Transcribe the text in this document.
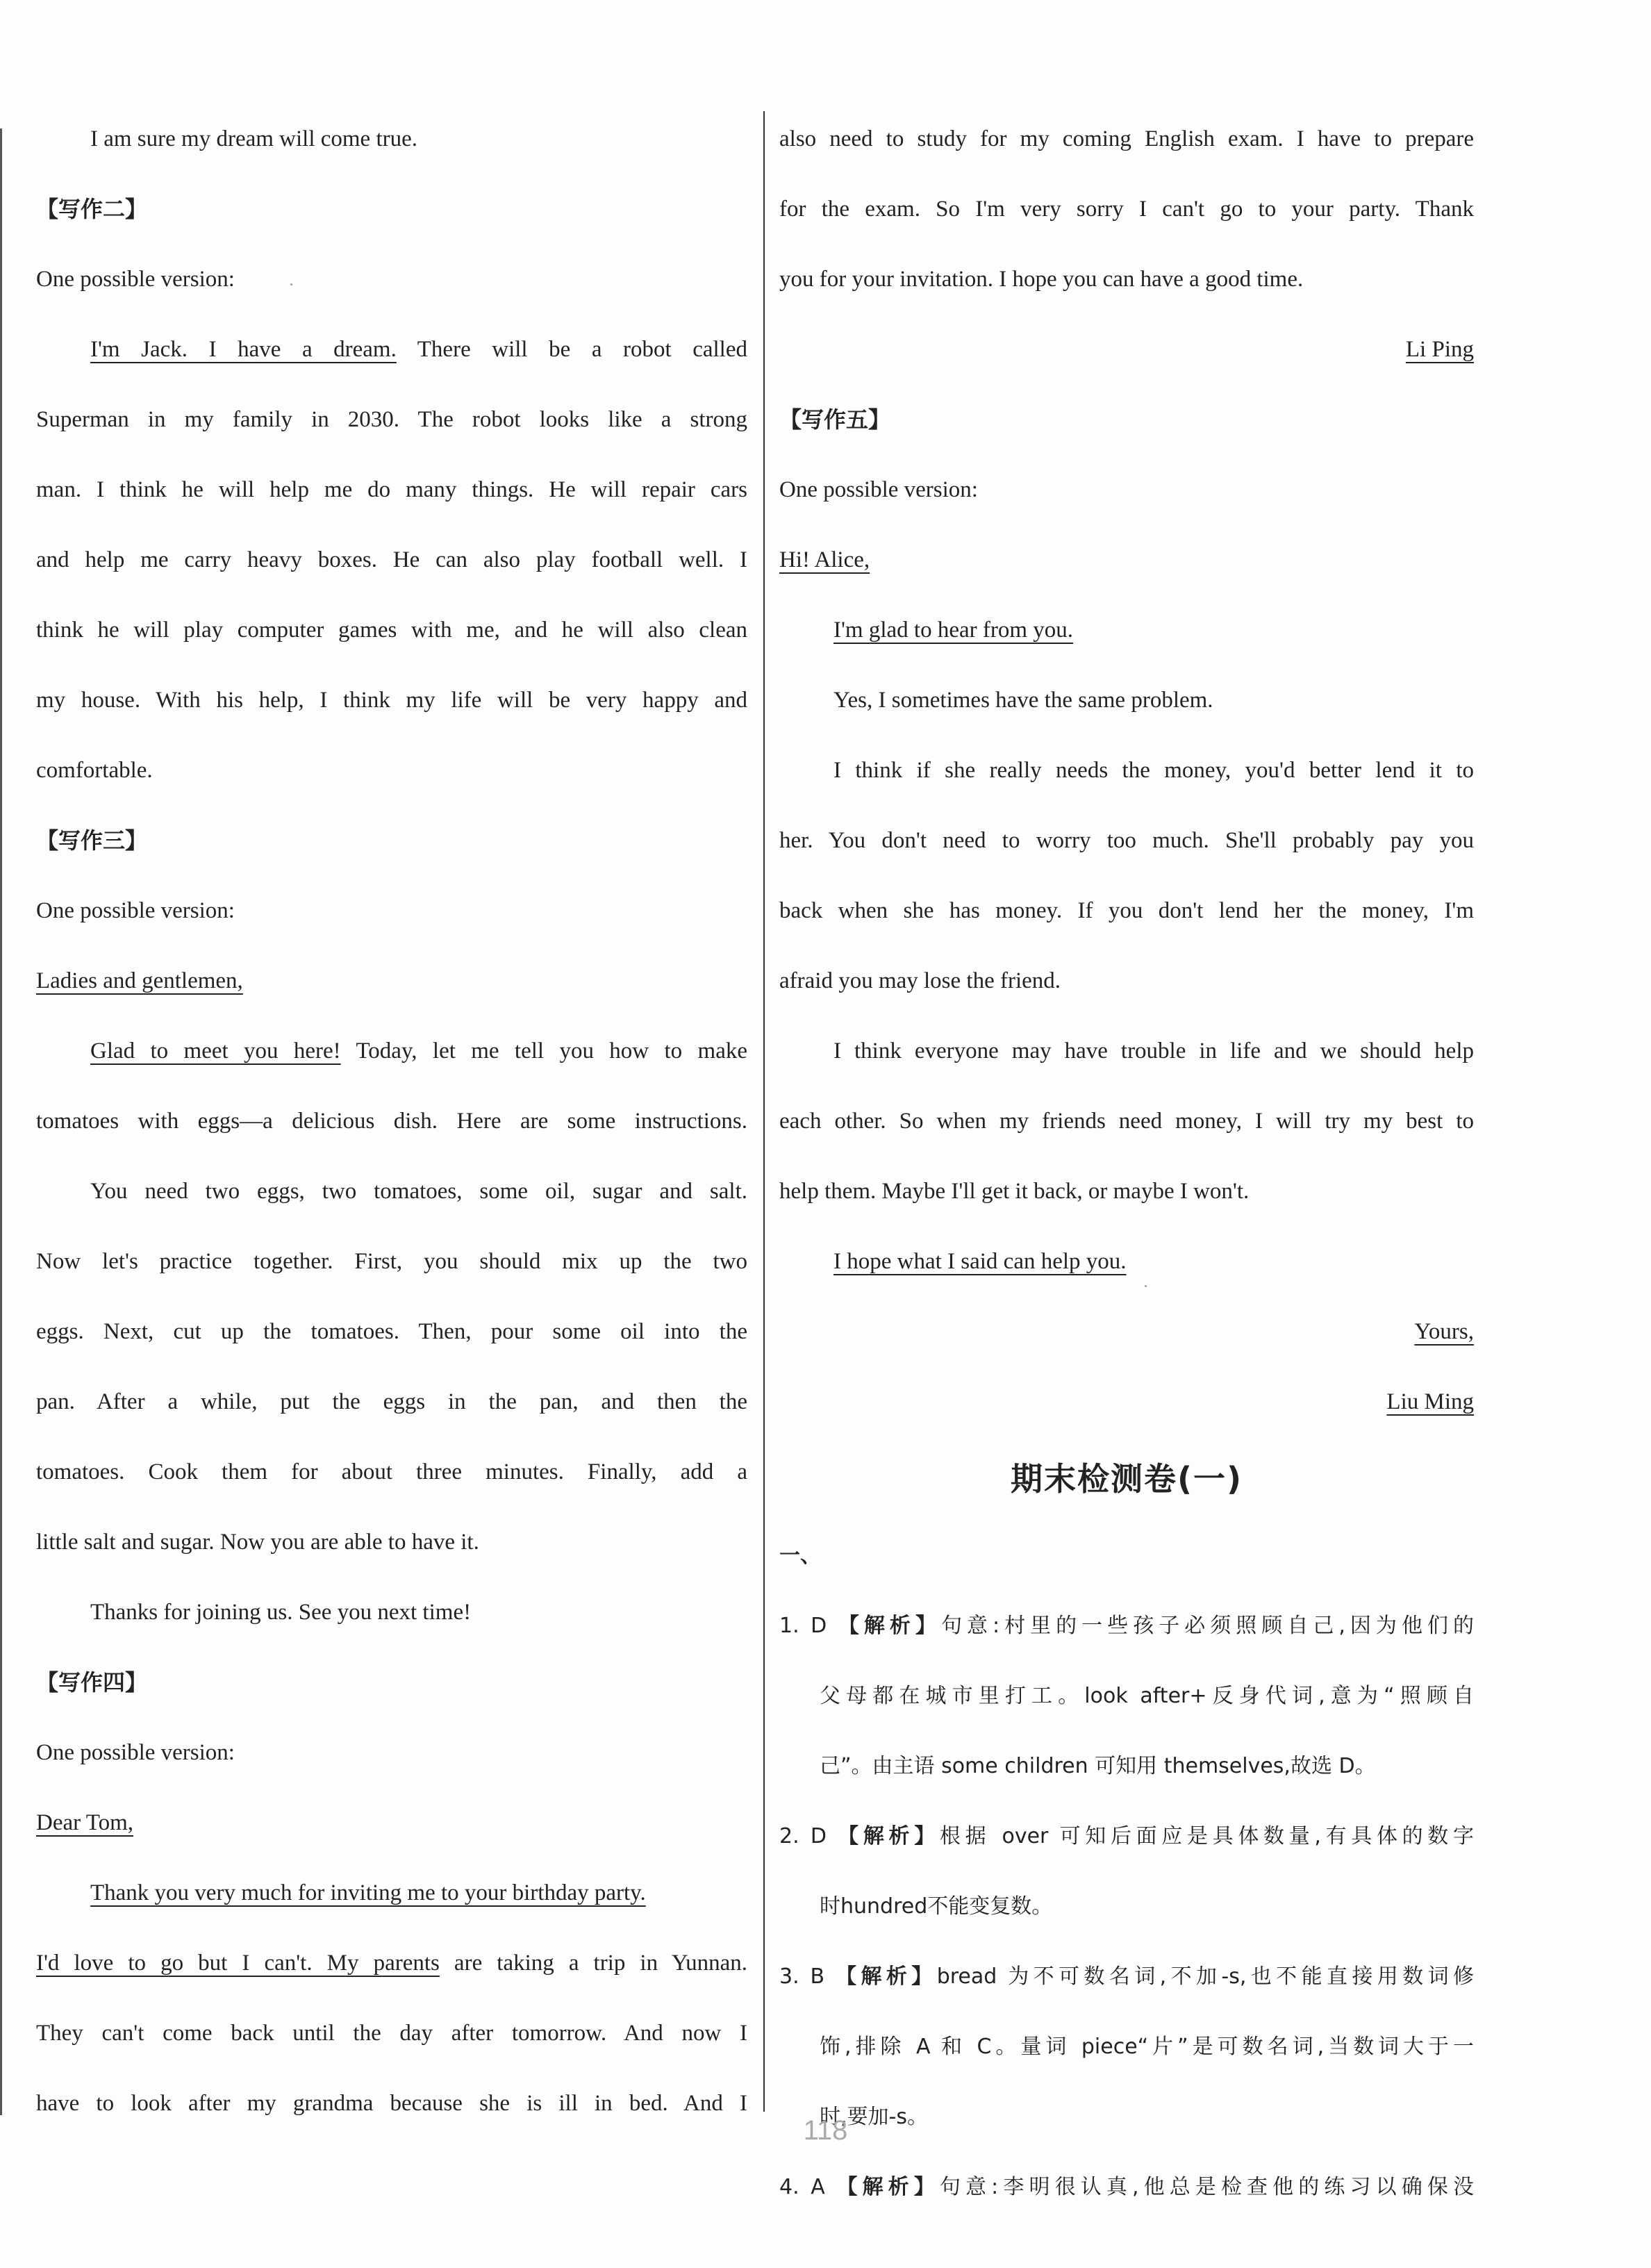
I am sure my dream will come true.

【写作二】

One possible version:

I'm Jack. I have a dream. There will be a robot called

Superman in my family in 2030. The robot looks like a strong

man. I think he will help me do many things. He will repair cars

and help me carry heavy boxes. He can also play football well. I

think he will play computer games with me, and he will also clean

my house. With his help, I think my life will be very happy and

comfortable.

【写作三】

One possible version:

Ladies and gentlemen,

Glad to meet you here! Today, let me tell you how to make

tomatoes with eggs—a delicious dish. Here are some instructions.

You need two eggs, two tomatoes, some oil, sugar and salt.

Now let's practice together. First, you should mix up the two

eggs. Next, cut up the tomatoes. Then, pour some oil into the

pan. After a while, put the eggs in the pan, and then the

tomatoes. Cook them for about three minutes. Finally, add a

little salt and sugar. Now you are able to have it.

Thanks for joining us. See you next time!

【写作四】

One possible version:

Dear Tom,

Thank you very much for inviting me to your birthday party.

I'd love to go but I can't. My parents are taking a trip in Yunnan.

They can't come back until the day after tomorrow. And now I

have to look after my grandma because she is ill in bed. And I

also need to study for my coming English exam. I have to prepare

for the exam. So I'm very sorry I can't go to your party. Thank

you for your invitation. I hope you can have a good time.

Li Ping

【写作五】

One possible version:

Hi! Alice,

I'm glad to hear from you.

Yes, I sometimes have the same problem.

I think if she really needs the money, you'd better lend it to

her. You don't need to worry too much. She'll probably pay you

back when she has money. If you don't lend her the money, I'm

afraid you may lose the friend.

I think everyone may have trouble in life and we should help

each other. So when my friends need money, I will try my best to

help them. Maybe I'll get it back, or maybe I won't.

I hope what I said can help you.

Yours,

Liu Ming

期末检测卷(一)

一、

1. D 【解析】句意:村里的一些孩子必须照顾自己,因为他们的

父母都在城市里打工。look after+反身代词,意为“照顾自

己”。由主语 some children 可知用 themselves,故选 D。

2. D 【解析】根据 over 可知后面应是具体数量,有具体的数字

时hundred不能变复数。

3. B 【解析】bread 为不可数名词,不加-s,也不能直接用数词修

饰,排除 A 和 C。量词 piece“片”是可数名词,当数词大于一

时,要加-s。

4. A 【解析】句意:李明很认真,他总是检查他的练习以确保没

118
